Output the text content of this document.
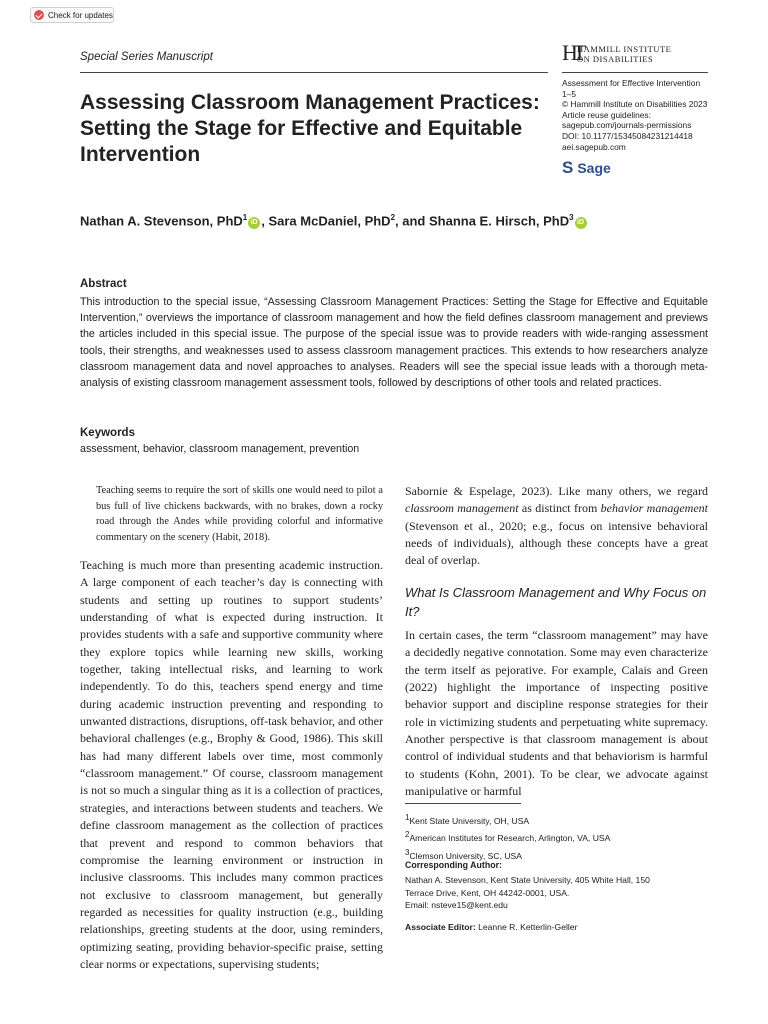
Check for updates
Special Series Manuscript	HT
HAMMILL INSTITUTE
ON DISABILITIES
Assessment for Effective Intervention
1–5
© Hammill Institute on Disabilities 2023
Article reuse guidelines:
sagepub.com/journals-permissions
DOI: 10.1177/15345084231214418
aei.sagepub.com
S Sage
Assessing Classroom Management Practices: Setting the Stage for Effective and Equitable Intervention
Nathan A. Stevenson, PhD$^1$iD , Sara McDaniel, PhD$^2$, and Shanna E. Hirsch, PhD$^3$iD
Abstract

This introduction to the special issue, “Assessing Classroom Management Practices: Setting the Stage for Effective and Equitable Intervention,” overviews the importance of classroom management and how the field defines classroom management and previews the articles included in this special issue. The purpose of the special issue was to provide readers with wide-ranging assessment tools, their strengths, and weaknesses used to assess classroom management practices. This extends to how researchers analyze classroom management data and novel approaches to analyses. Readers will see the special issue leads with a thorough meta-analysis of existing classroom management assessment tools, followed by descriptions of other tools and related practices.

Keywords
assessment, behavior, classroom management, prevention

Teaching seems to require the sort of skills one would need to pilot a bus full of live chickens backwards, with no brakes, down a rocky road through the Andes while providing colorful and informative commentary on the scenery (Habit, 2018).

Teaching is much more than presenting academic instruction. A large component of each teacher’s day is connecting with students and setting up routines to support students’ understanding of what is expected during instruction. It provides students with a safe and supportive community where they explore topics while learning new skills, working together, taking intellectual risks, and learning to work independently. To do this, teachers spend energy and time during academic instruction preventing and responding to unwanted distractions, disruptions, off-task behavior, and other behavioral challenges (e.g., Brophy & Good, 1986). This skill has had many different labels over time, most commonly “classroom management.” Of course, classroom management is not so much a singular thing as it is a collection of practices, strategies, and interactions between students and teachers. We define classroom management as the collection of practices that prevent and respond to common behaviors that compromise the learning environment or instruction in inclusive classrooms. This includes many common practices not exclusive to classroom management, but generally regarded as necessities for quality instruction (e.g., building relationships, greeting students at the door, using reminders, optimizing seating, providing behavior-specific praise, setting clear norms or expectations, supervising students;

Sabornie & Espelage, 2023). Like many others, we regard classroom management as distinct from behavior management (Stevenson et al., 2020; e.g., focus on intensive behavioral needs of individuals), although these concepts have a great deal of overlap.

What Is Classroom Management and Why Focus on It?

In certain cases, the term “classroom management” may have a decidedly negative connotation. Some may even characterize the term itself as pejorative. For example, Calais and Green (2022) highlight the importance of inspecting positive behavior support and discipline response strategies for their role in victimizing students and perpetuating white supremacy. Another perspective is that classroom management is about control of individual students and that behaviorism is harmful to students (Kohn, 2001). To be clear, we advocate against manipulative or harmful

$^1$Kent State University, OH, USA
$^2$American Institutes for Research, Arlington, VA, USA
$^3$Clemson University, SC, USA
Corresponding Author:
Nathan A. Stevenson, Kent State University, 405 White Hall, 150
Terrace Drive, Kent, OH 44242-0001, USA.
Email: nsteve15@kent.edu
Associate Editor: Leanne R. Ketterlin-Geller
